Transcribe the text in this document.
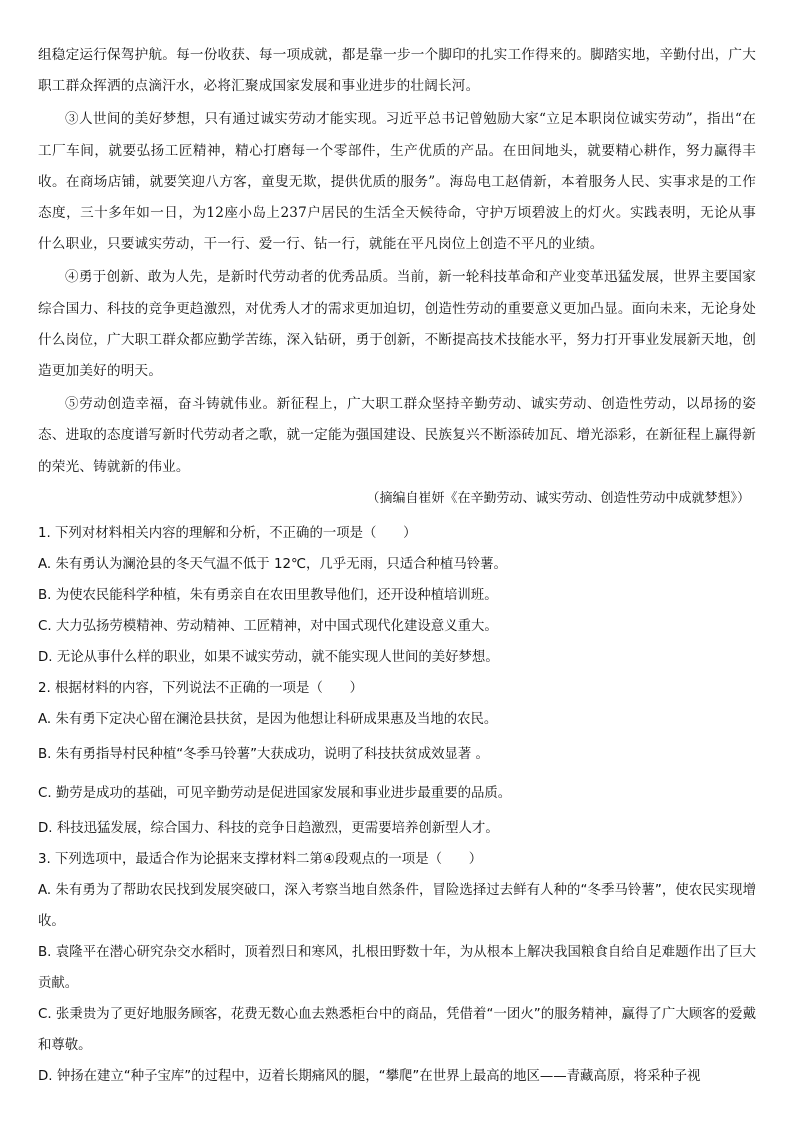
组稳定运行保驾护航。每一份收获、每一项成就，都是靠一步一个脚印的扎实工作得来的。脚踏实地，辛勤付出，广大职工群众挥洒的点滴汗水，必将汇聚成国家发展和事业进步的壮阔长河。

③人世间的美好梦想，只有通过诚实劳动才能实现。习近平总书记曾勉励大家“立足本职岗位诚实劳动”，指出“在工厂车间，就要弘扬工匠精神，精心打磨每一个零部件，生产优质的产品。在田间地头，就要精心耕作，努力赢得丰收。在商场店铺，就要笑迎八方客，童叟无欺，提供优质的服务”。海岛电工赵倩新，本着服务人民、实事求是的工作态度，三十多年如一日，为12座小岛上237户居民的生活全天候待命，守护万顷碧波上的灯火。实践表明，无论从事什么职业，只要诚实劳动，干一行、爱一行、钻一行，就能在平凡岗位上创造不平凡的业绩。

④勇于创新、敢为人先，是新时代劳动者的优秀品质。当前，新一轮科技革命和产业变革迅猛发展，世界主要国家综合国力、科技的竞争更趋激烈，对优秀人才的需求更加迫切，创造性劳动的重要意义更加凸显。面向未来，无论身处什么岗位，广大职工群众都应勤学苦练，深入钻研，勇于创新，不断提高技术技能水平，努力打开事业发展新天地，创造更加美好的明天。

⑤劳动创造幸福，奋斗铸就伟业。新征程上，广大职工群众坚持辛勤劳动、诚实劳动、创造性劳动，以昂扬的姿态、进取的态度谱写新时代劳动者之歌，就一定能为强国建设、民族复兴不断添砖加瓦、增光添彩，在新征程上赢得新的荣光、铸就新的伟业。

（摘编自崔妍《在辛勤劳动、诚实劳动、创造性劳动中成就梦想》）

1. 下列对材料相关内容的理解和分析，不正确的一项是（　　）

A. 朱有勇认为澜沧县的冬天气温不低于 12℃，几乎无雨，只适合种植马铃薯。

B. 为使农民能科学种植，朱有勇亲自在农田里教导他们，还开设种植培训班。

C. 大力弘扬劳模精神、劳动精神、工匠精神，对中国式现代化建设意义重大。

D. 无论从事什么样的职业，如果不诚实劳动，就不能实现人世间的美好梦想。

2. 根据材料的内容，下列说法不正确的一项是（　　）

A. 朱有勇下定决心留在澜沧县扶贫，是因为他想让科研成果惠及当地的农民。

B. 朱有勇指导村民种植“冬季马铃薯”大获成功，说明了科技扶贫成效显著 。

C. 勤劳是成功的基础，可见辛勤劳动是促进国家发展和事业进步最重要的品质。

D. 科技迅猛发展，综合国力、科技的竞争日趋激烈，更需要培养创新型人才。

3. 下列选项中，最适合作为论据来支撑材料二第④段观点的一项是（　　）

A. 朱有勇为了帮助农民找到发展突破口，深入考察当地自然条件，冒险选择过去鲜有人种的“冬季马铃薯”，使农民实现增收。

B. 袁隆平在潜心研究杂交水稻时，顶着烈日和寒风，扎根田野数十年，为从根本上解决我国粮食自给自足难题作出了巨大贡献。

C. 张秉贵为了更好地服务顾客，花费无数心血去熟悉柜台中的商品，凭借着“一团火”的服务精神，赢得了广大顾客的爱戴和尊敬。

D. 钟扬在建立“种子宝库”的过程中，迈着长期痛风的腿，“攀爬”在世界上最高的地区——青藏高原，将采种子视
